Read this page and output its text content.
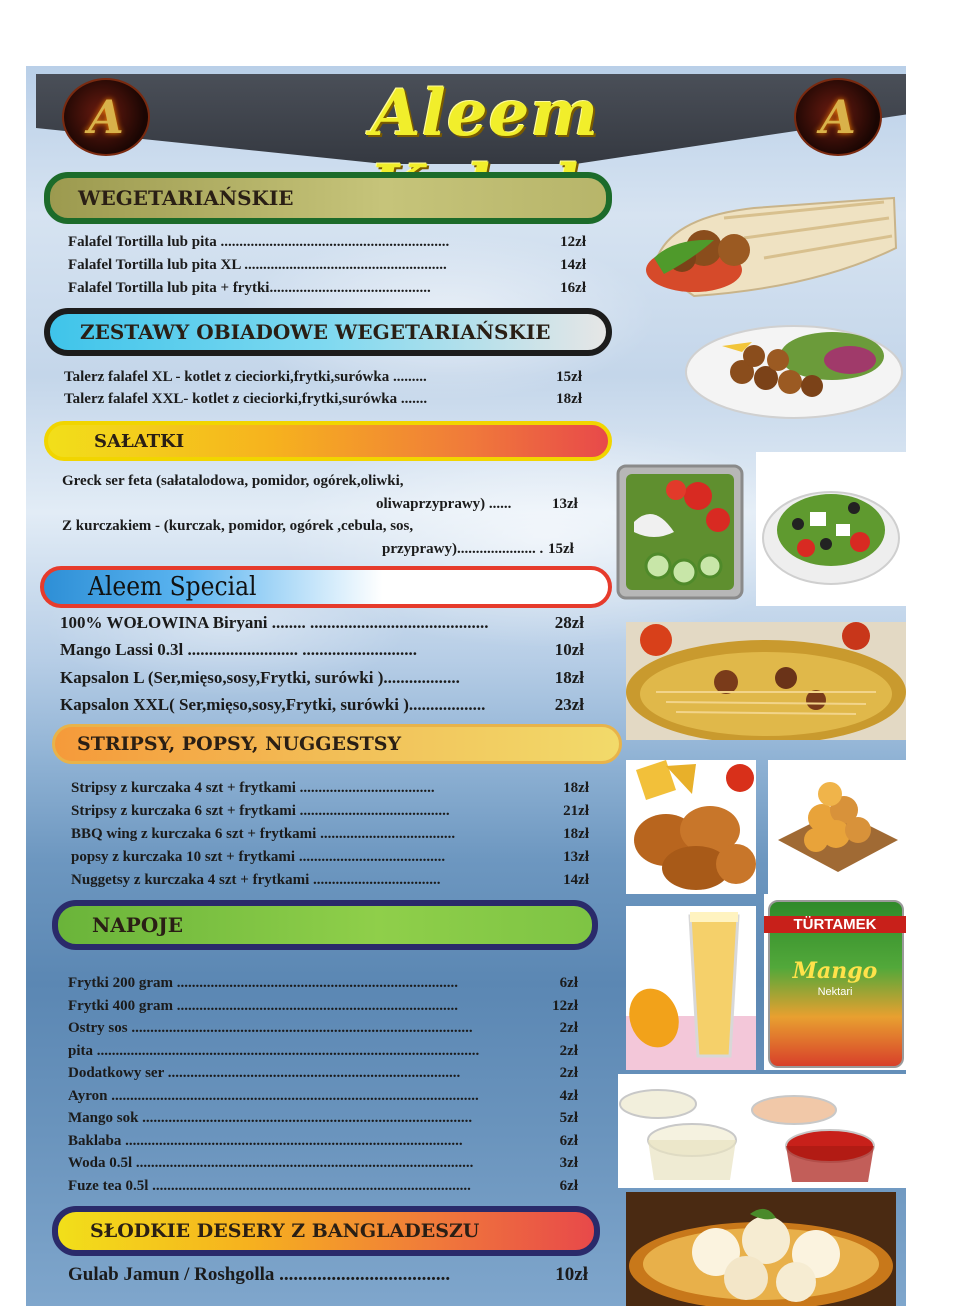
A	A
Aleem
WEGETARIAŃSKIE
Falafel Tortilla lub pita .............................................................	12zł
Falafel Tortilla lub pita XL ......................................................	14zł
Falafel Tortilla lub pita + frytki...........................................	16zł
ZESTAWY OBIADOWE WEGETARIAŃSKIE
Talerz falafel XL - kotlet z cieciorki,frytki,surówka .........	15zł
Talerz falafel XXL- kotlet z cieciorki,frytki,surówka .......	18zł
SAŁATKI
Greck ser feta (sałatalodowa, pomidor, ogórek,oliwki,
oliwaprzyprawy) ......	13zł
Z kurczakiem - (kurczak, pomidor, ogórek ,cebula, sos,
przyprawy)..................... . 15zł
Aleem Special
100% WOŁOWINA Biryani ........ ..........................................	28zł
Mango Lassi 0.3l .......................... ...........................	10zł
Kapsalon L (Ser,mięso,sosy,Frytki, surówki )..................	18zł
Kapsalon XXL( Ser,mięso,sosy,Frytki, surówki )..................	23zł
STRIPSY, POPSY, NUGGESTSY
Stripsy z kurczaka 4 szt + frytkami ....................................	18zł
Stripsy z kurczaka 6 szt + frytkami ........................................	21zł
BBQ wing z kurczaka 6 szt + frytkami ....................................	18zł
popsy z kurczaka 10 szt + frytkami .......................................	13zł
Nuggetsy z kurczaka 4 szt + frytkami ..................................	14zł
NAPOJE
Frytki 200 gram ...........................................................................	6zł
Frytki 400 gram ...........................................................................	12zł
Ostry sos ...........................................................................................	2zł
pita ......................................................................................................	2zł
Dodatkowy ser ..............................................................................	2zł
Ayron ..................................................................................................	4zł
Mango sok ........................................................................................	5zł
Baklaba ..........................................................................................	6zł
Woda 0.5l ..........................................................................................	3zł
Fuze tea 0.5l .....................................................................................	6zł
SŁODKIE DESERY Z BANGLADESZU
Gulab Jamun / Roshgolla ....................................	10zł
TÜRTAMEK
Mango
Nektari
